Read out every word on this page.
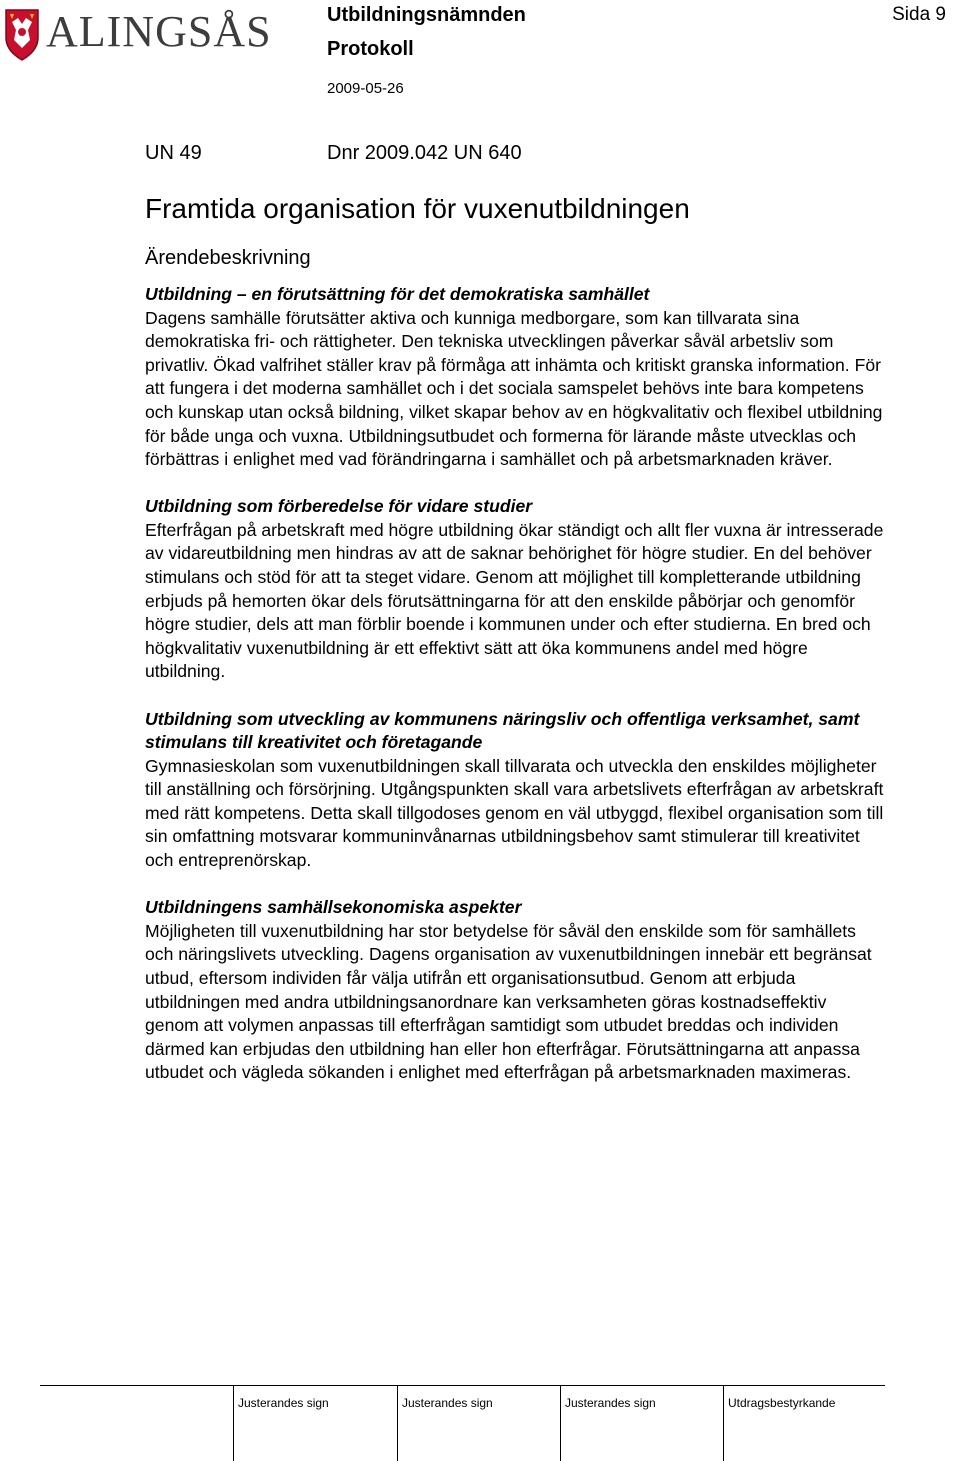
ALINGSÅS	Utbildningsnämnden
Protokoll
2009-05-26
Sida 9
UN 49	Dnr 2009.042 UN 640
Framtida organisation för vuxenutbildningen
Ärendebeskrivning
Utbildning – en förutsättning för det demokratiska samhället

Dagens samhälle förutsätter aktiva och kunniga medborgare, som kan tillvarata sina demokratiska fri- och rättigheter. Den tekniska utvecklingen påverkar såväl arbetsliv som privatliv. Ökad valfrihet ställer krav på förmåga att inhämta och kritiskt granska information. För att fungera i det moderna samhället och i det sociala samspelet behövs inte bara kompetens och kunskap utan också bildning, vilket skapar behov av en högkvalitativ och flexibel utbildning för både unga och vuxna. Utbildningsutbudet och formerna för lärande måste utvecklas och förbättras i enlighet med vad förändringarna i samhället och på arbetsmarknaden kräver.

Utbildning som förberedelse för vidare studier

Efterfrågan på arbetskraft med högre utbildning ökar ständigt och allt fler vuxna är intresserade av vidareutbildning men hindras av att de saknar behörighet för högre studier. En del behöver stimulans och stöd för att ta steget vidare. Genom att möjlighet till kompletterande utbildning erbjuds på hemorten ökar dels förutsättningarna för att den enskilde påbörjar och genomför högre studier, dels att man förblir boende i kommunen under och efter studierna. En bred och högkvalitativ vuxenutbildning är ett effektivt sätt att öka kommunens andel med högre utbildning.

Utbildning som utveckling av kommunens näringsliv och offentliga verksamhet, samt stimulans till kreativitet och företagande

Gymnasieskolan som vuxenutbildningen skall tillvarata och utveckla den enskildes möjligheter till anställning och försörjning. Utgångspunkten skall vara arbetslivets efterfrågan av arbetskraft med rätt kompetens. Detta skall tillgodoses genom en väl utbyggd, flexibel organisation som till sin omfattning motsvarar kommuninvånarnas utbildningsbehov samt stimulerar till kreativitet och entreprenörskap.

Utbildningens samhällsekonomiska aspekter

Möjligheten till vuxenutbildning har stor betydelse för såväl den enskilde som för samhällets och näringslivets utveckling. Dagens organisation av vuxenutbildningen innebär ett begränsat utbud, eftersom individen får välja utifrån ett organisationsutbud. Genom att erbjuda utbildningen med andra utbildningsanordnare kan verksamheten göras kostnadseffektiv genom att volymen anpassas till efterfrågan samtidigt som utbudet breddas och individen därmed kan erbjudas den utbildning han eller hon efterfrågar. Förutsättningarna att anpassa utbudet och vägleda sökanden i enlighet med efterfrågan på arbetsmarknaden maximeras.

Justerandes sign	Justerandes sign	Justerandes sign	Utdragsbestyrkande
